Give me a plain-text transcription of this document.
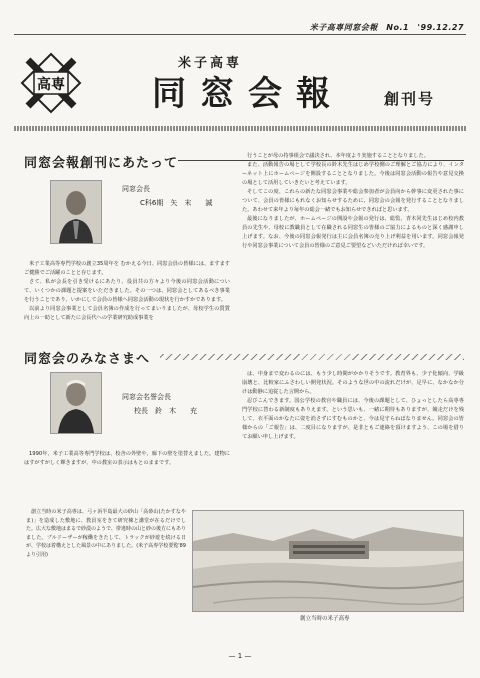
米子高専同窓会報　No.1　'99.12.27
高専
米子高専
同窓会報	創刊号
同窓会報創刊にあたって
同窓会長
C科6期　矢　末　　誠

米子工業高等専門学校の創立35周年を むかえる今日、同窓会員の皆様には、ますますご健勝でご活躍のことと存じます。

さて、私が会長を引き受けるにあたり、役員共の方々より今後の同窓会活動について、いくつかの課題と提案をいただきました。その一つは、同窓会としてあるべき事業を行うことであり、いかにして会員の皆様へ同窓会活動の現状を行かすかであります。

以前より同窓会事業として会員名簿の作成を行ってまいりましたが、母校学生の質質向上の一助として新たに会長代への学業研究助成事業を

行うことが母の持事組会で議決され、本年度より実施することとなりました。

また、活動報告の場として学校長の鈴木先生はじめ学校側のご理解とご協力により、インターネット上にホームページを開設することとなりました。今後は同窓会活動の報告や意見交換の場として活用していきたいと考えています。

そしてこの度、これらの新たな同窓会事業や総会参加者が会員向から幹事に変更された事について、会員の皆様にもれなくお知らせするために、同窓会の会報を発行することとなりました。あわせて来年より毎年の総会一緒でもお知らせできればと思います。

最後になりましたが、ホームページの開設や会報の発行は、総監、青木同先生はじめ校内教員の先生や、母校に教職員として在職される同窓生の皆様のご協力によるものと深く感謝申し上げます。なお、今後の同窓会報発行は主に会員名簿の売り上げ利益を用います。同窓会報発行や同窓会事業について会員の皆様のご意見ご要望などいただければ幸いです。

同窓会のみなさまへ
同窓会名誉会長
校長　鈴　木　　充

1990年、米子工業高等専門学校は、校舎の外壁や、廊下の壁を塗替えました。建物にはすがすがしく輝きますが、中の教室の表示はもとのままです。

は、中身まで変わるのには、もう少し時間がかかりそうです。教育界も、少子化傾向、学級崩壊と、比較家にふさわしい開発状況。そのような世の中の流れだけが、足早に、なかなか分けは動静に追従した言開から。

忍びこんできます。国公学校の教官や職員には、今後の課題として、ひょっとしたら高専専門学校に替わる新制度もありえます。という思いも、一緒に期待もありますが、競走だけを残して、衣平面のかなたに姿を消さずにすむものかと、今は見守らねばなりません。同窓会の皆様からの「ご報告」は、二度目になりますが、是非ともご連絡を頂けますよう、この場を借りてお願い申し上げます。

創立当時の米子高専は、弓ヶ浜半島最大の砂山「高砂山(たかすなやま)」を造成した敷地に、教員室をきて研究棟と講堂が在るだけでした。広大な敷地はまるで砂漠のようで、帯違時の山と砂の後方にもありました。ブルドーザーが稼働をきたして、トラックが砂遊を続ける日が、学校は着構えとした風景の中にありました。(米子高専学校要覧'89より引用)

創立当時の米子高専
— 1 —
